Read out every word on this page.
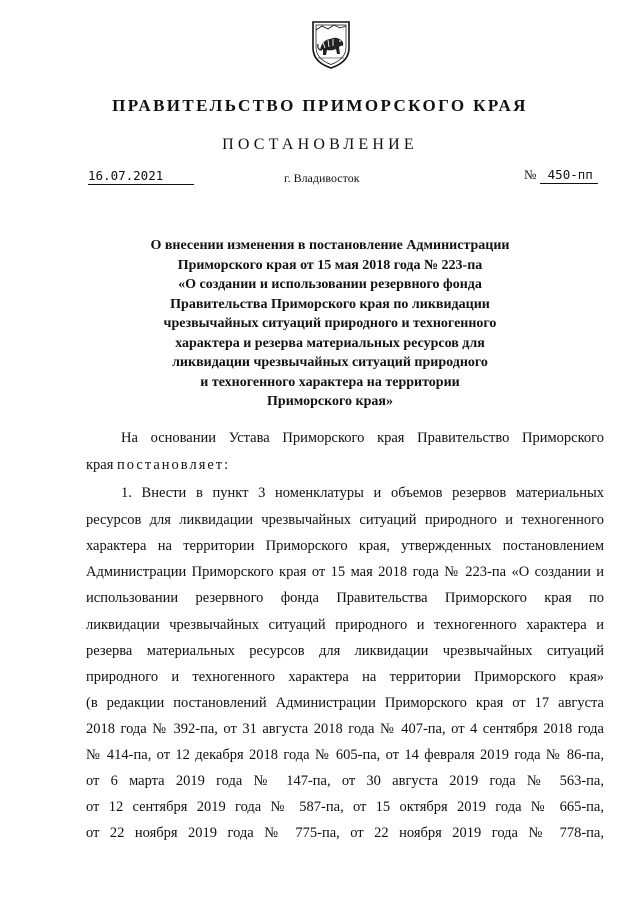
ПРАВИТЕЛЬСТВО ПРИМОРСКОГО КРАЯ
ПОСТАНОВЛЕНИЕ
16.07.2021	г. Владивосток	№ 450-пп
О внесении изменения в постановление Администрации
Приморского края от 15 мая 2018 года № 223-па
«О создании и использовании резервного фонда
Правительства Приморского края по ликвидации
чрезвычайных ситуаций природного и техногенного
характера и резерва материальных ресурсов для
ликвидации чрезвычайных ситуаций природного
и техногенного характера на территории
Приморского края»
На основании Устава Приморского края Правительство Приморского
края постановляет:
1. Внести в пункт 3 номенклатуры и объемов резервов материальных
ресурсов для ликвидации чрезвычайных ситуаций природного и техногенного
характера на территории Приморского края, утвержденных постановлением
Администрации Приморского края от 15 мая 2018 года № 223-па «О создании и
использовании резервного фонда Правительства Приморского края по
ликвидации чрезвычайных ситуаций природного и техногенного характера и
резерва материальных ресурсов для ликвидации чрезвычайных ситуаций
природного и техногенного характера на территории Приморского края»
(в редакции постановлений Администрации Приморского края от 17 августа
2018 года № 392-па, от 31 августа 2018 года № 407-па, от 4 сентября 2018 года
№ 414-па, от 12 декабря 2018 года № 605-па, от 14 февраля 2019 года № 86-па,
от 6 марта 2019 года № 147-па, от 30 августа 2019 года № 563-па,
от 12 сентября 2019 года № 587-па, от 15 октября 2019 года № 665-па,
от 22 ноября 2019 года № 775-па, от 22 ноября 2019 года № 778-па,
